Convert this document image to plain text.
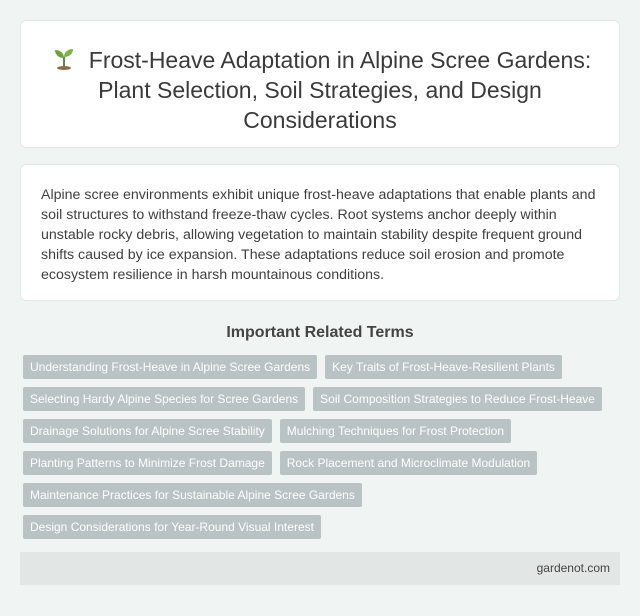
Frost-Heave Adaptation in Alpine Scree Gardens: Plant Selection, Soil Strategies, and Design Considerations

Alpine scree environments exhibit unique frost-heave adaptations that enable plants and soil structures to withstand freeze-thaw cycles. Root systems anchor deeply within unstable rocky debris, allowing vegetation to maintain stability despite frequent ground shifts caused by ice expansion. These adaptations reduce soil erosion and promote ecosystem resilience in harsh mountainous conditions.

Important Related Terms
Understanding Frost-Heave in Alpine Scree Gardens	Key Traits of Frost-Heave-Resilient Plants
Selecting Hardy Alpine Species for Scree Gardens	Soil Composition Strategies to Reduce Frost-Heave
Drainage Solutions for Alpine Scree Stability	Mulching Techniques for Frost Protection
Planting Patterns to Minimize Frost Damage	Rock Placement and Microclimate Modulation
Maintenance Practices for Sustainable Alpine Scree Gardens
Design Considerations for Year-Round Visual Interest
gardenot.com
